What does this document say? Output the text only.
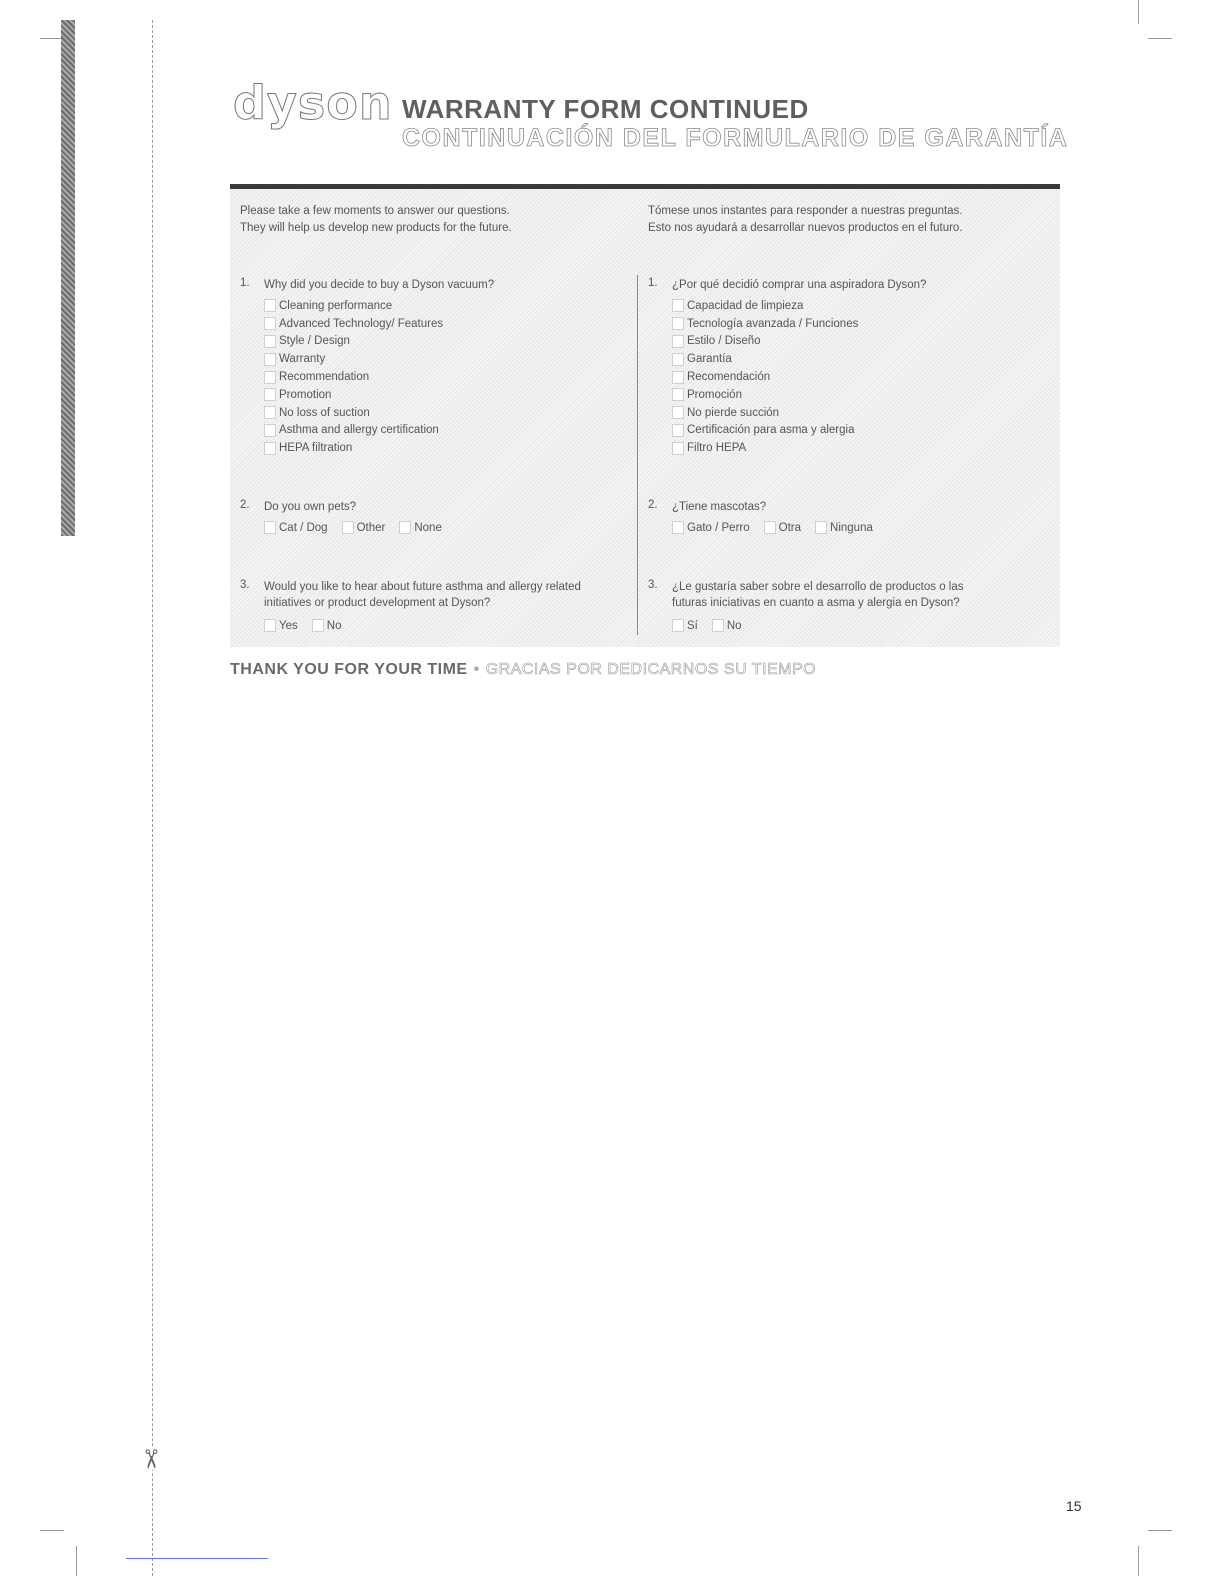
✂
dyson WARRANTY FORM CONTINUED
CONTINUACIÓN DEL FORMULARIO DE GARANTÍA
Please take a few moments to answer our questions.
They will help us develop new products for the future.
1. Why did you decide to buy a Dyson vacuum?
Cleaning performance
Advanced Technology/ Features
Style / Design
Warranty
Recommendation
Promotion
No loss of suction
Asthma and allergy certification
HEPA filtration
2. Do you own pets?
Cat / Dog	Other	None
3. Would you like to hear about future asthma and allergy related
initiatives or product development at Dyson?
Yes	No
Tómese unos instantes para responder a nuestras preguntas.
Esto nos ayudará a desarrollar nuevos productos en el futuro.
1. ¿Por qué decidió comprar una aspiradora Dyson?
Capacidad de limpieza
Tecnología avanzada / Funciones
Estilo / Diseño
Garantía
Recomendación
Promoción
No pierde succión
Certificación para asma y alergia
Filtro HEPA
2. ¿Tiene mascotas?
Gato / Perro	Otra	Ninguna
3. ¿Le gustaría saber sobre el desarrollo de productos o las
futuras iniciativas en cuanto a asma y alergia en Dyson?
Sí	No
THANK YOU FOR YOUR TIME • GRACIAS POR DEDICARNOS SU TIEMPO
15
